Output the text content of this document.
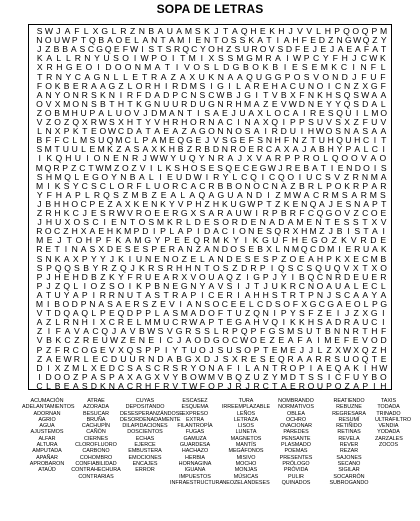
SOPA DE LETRAS
S W J A F L X G L R Z N B A U A M S K J T A Q H E K H J V V L H P Q O Q P M
N O U W P T Q B A O E L A N T A M I E N T O S S K A T I A H F E D Z N G W Q Z Y
J Z B B A S C G Q E F W I S T S R Q C Y O H Z S U R O V S D F E J E J A E A F A T
K A L L R N Y U S O I W P O I T M I X S S M G M R A I W P C Y F H J C W K
X R H G E O I D O O N M A T I V O S L D G B O K B I E S E M K C I N F L
T R N Y C A G N L L E T R A Z A X U K N A A Q U G G P O S V O N D J F U F
F O K B E R A A G Z L O R H I R D M S I G I L A R E H A C U N O I C N Z X G F
A N Y O N R S K N I R F D A D P C N S C W B J G I T V B X F N K H S Q S W A A
O V X M O N S B T H T K G N U U R D U G N R H M A Z E V W D N E Y Y Q S D A L
Z O B M H U P A L U O V J D M A N T I S A E J U A X L O C A I R E S Q U I L M O
V Z O Z Q X R W S X H T Y V H R H O R N A C I N A X Q I P P S U V S X Z F U V
L N X P K T E O W C D A T A E A Z A G O N N O S A I R D U I H W O S N A S A A
B F F C L M S U Q M C L P A M E Q G E J V S G E F S N H F N Z T U H Q U H C I T
S M T U U L E M K Z A S A X K H B Z R B D N R O E R C A X A J A B H Y P A L C I
I K Q H U I O N E N R J W W Y U Q Y N R A J X V A R P P R O L Q O O V A O
M Q R P Z C T W M Z O Z V I L K S H O S E S Q E C E G W J R E B A T I E N D O I S
S H M Q L E G O Y N B A L I E U D W I R Y L C Q I C Q O I U C S V Z R N M A
M I K S Y C S C L O R F L U O R C A C R B B O N O C N A Z B R L P O K R P A R
Y F H A P L R Q S Z M B Z E A L A Q A G U A N D I Z M W A C R M S A R M S
J B H H O C P E Z A X K E N K Y V P H Z H K U G W P T Z K E N Q A J E S N A P T
Z R H K C J E S R W V R O E E R G X S A R A U W I R P B R F C Q G O V Z C O E
J H U X O S C I E N T O S M K R L D E S O R D E N A D A M E N T E S S T X V
R O C Z H X A E H K M P D I P L A P I D A C I O N E S Q R X H M Z J B I S T A I
M E J T O H P F K A M G Y P E E Q R M K Y I K G U F H E G O Z K V R D E
R E T I N A S X D E S E S P E R A N Z A N D O S E B X L N M Q C D M I E R U A K
S N K A X P Y Y J K I U N E N O Z E L A N D E S E S P Z O E A H P K X E C M B
S P Q Q S B Y R Z Q J K R S R H H N T O S Z D R P I Q S C S Q U Q V X T X O
P J H E H D B Z K Y F R U E A R X V O U A Q Z I G P J Y I B Q C N R D E U E R
P J Z Q L I O Z S O I K P B N E G N Y A V S I J T J U K R C N O A U A L E C L
A T U Y A P I R R N U T A S T R A P I C E R I A H H S T R T P N J S C A A Y A
M I B O D P N A S A E R S Z E V I A N S O C E E L C D S O F X G C G A E O L P G
V T D Q A Q L P E Q D P P L A S M A D O F T U Z Q N I P Y S F Z E I J Z X G I
A Z L R N H I X C R E L M M U C R W A P T E G A H V Q I K K H S A D R A U C I
Z I F A V A C Q J A V B W S V G R S S L R P Q P F G S M S U T B N N R T H F
V B K C Z R E U W Z E N E I C J A O D G O C W O E Z E A F A I M E F E V O D
P Z F R C O G E V X Q S P P I Y T U O J S U S O P T E M E J J L Z X W X Q Z H
Z A E W R L E C D U U R N D A B G X D J S X R E S E Q R A A R R S U O Q T E
D I X Z M L X E D C S A S C R S R Y O N A F I L A N T R O P I A E Q A K I H W
I D O O Z P A S P A X A G X V Y B O W M V B Q Z U Z Y M D T S S I C F U Y B O
C L B E A S D K N A C R H F R V T W F O P J R J R C T A E R O U P O Z A P I H
ACUMACIÓN
ADELANTAMIENTOS
ADORNAN
AGRIO
AGUA
AJUSTEMOS
ALFAR
ALTURA
AMPUTADA
APAÑAR
APROBARON
ATAÚD
ATRAE
AZORADA
BESUCAR
BRUÑA
CACHUPÍN
CAÑÓN
CIERNES
CLOROFLUORO
CARBONO
COHOMBRO
CONFIABILIDAD
CONTRAHECHURA
CONTRARIAS
CUYAS
DEPOSITANDO
DESESPERANZÁNDOSE
DESORDENADAMENTE
DILAPIDACIONES
DOSCIENTOS
ECHAS
EJERCE
EMBUSTERA
EMOCIONES
ENCAJES
ERROR
ESCASEZ
ESQUEMA
EXPRESO
EXTRA
FILANTROPÍA
FUGAS
GAMUZA
GUARDESA
HACHAZO
HERBIA
HORNAGINA
IGUANA
IMPUESTOS
INFRAESTRUCTURA
TURA
IRREEMPLAZABLE
LEÑOS
LETRAZA
LISOS
LUNETA
MAGNETOS
MANTÍS
MEGÁFONOS
MISIVO
MOCHO
MONJAS
MÚSICAS
NEOZELANDESES
NOMBRANDO
NORMATIVOS
OBLEA
OCHRO
OVACIONAR
PAREDES
PENSANTE
PLASMADO
POEMAS
PRESENTES
PRÓLOGO
PRÓVIDA
PULIR
QUINADOS
REATIENDO
REBUZNE
REGRESARA
RESUMÍ
RETIÑIDO
RETINAS
REVELA
REVER
REZAR
SAJONES
SECANO
SIGILAR
SOCARRÓN
SUBROGANDO
TAXIS
TODADA
TRINADO
ULTRAFILTRO
VENDIA
YODADA
ZARZALES
ZOCOS
